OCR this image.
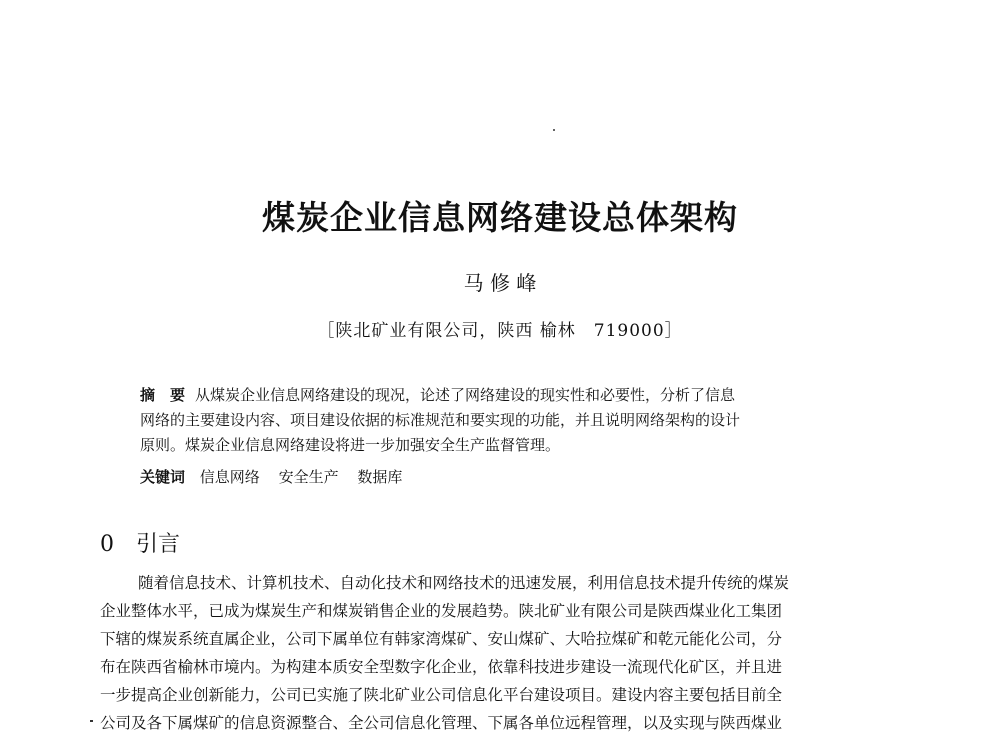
煤炭企业信息网络建设总体架构
马 修 峰
［陕北矿业有限公司，陕西 榆林　719000］
摘　要 从煤炭企业信息网络建设的现况，论述了网络建设的现实性和必要性，分析了信息
网络的主要建设内容、项目建设依据的标准规范和要实现的功能，并且说明网络架构的设计
原则。煤炭企业信息网络建设将进一步加强安全生产监督管理。
关键词 信息网络 安全生产 数据库
0 引言
随着信息技术、计算机技术、自动化技术和网络技术的迅速发展，利用信息技术提升传统的煤炭
企业整体水平，已成为煤炭生产和煤炭销售企业的发展趋势。陕北矿业有限公司是陕西煤业化工集团
下辖的煤炭系统直属企业，公司下属单位有韩家湾煤矿、安山煤矿、大哈拉煤矿和乾元能化公司，分
布在陕西省榆林市境内。为构建本质安全型数字化企业，依靠科技进步建设一流现代化矿区，并且进
一步提高企业创新能力，公司已实施了陕北矿业公司信息化平台建设项目。建设内容主要包括目前全
公司及各下属煤矿的信息资源整合、全公司信息化管理、下属各单位远程管理，以及实现与陕西煤业
